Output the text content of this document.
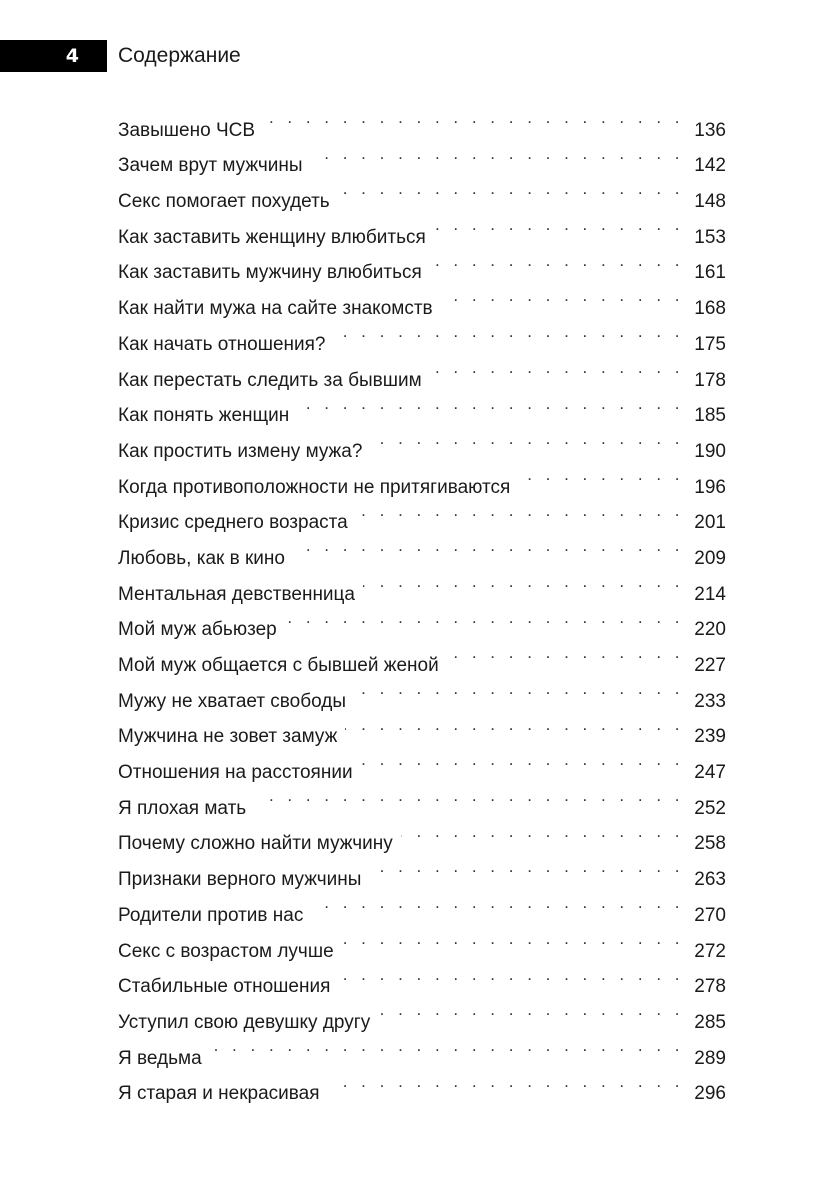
4	Содержание
Завышено ЧСВ . . .	136
Зачем врут мужчины . . .	142
Секс помогает похудеть . . .	148
Как заставить женщину влюбиться . . .	153
Как заставить мужчину влюбиться . . .	161
Как найти мужа на сайте знакомств . . .	168
Как начать отношения? . . .	175
Как перестать следить за бывшим . . .	178
Как понять женщин . . .	185
Как простить измену мужа? . . .	190
Когда противоположности не притягиваются . . .	196
Кризис среднего возраста . . .	201
Любовь, как в кино . . .	209
Ментальная девственница . . .	214
Мой муж абьюзер . . .	220
Мой муж общается с бывшей женой . . .	227
Мужу не хватает свободы . . .	233
Мужчина не зовет замуж . . .	239
Отношения на расстоянии . . .	247
Я плохая мать . . .	252
Почему сложно найти мужчину . . .	258
Признаки верного мужчины . . .	263
Родители против нас . . .	270
Секс с возрастом лучше . . .	272
Стабильные отношения . . .	278
Уступил свою девушку другу . . .	285
Я ведьма . . .	289
Я старая и некрасивая . . .	296
